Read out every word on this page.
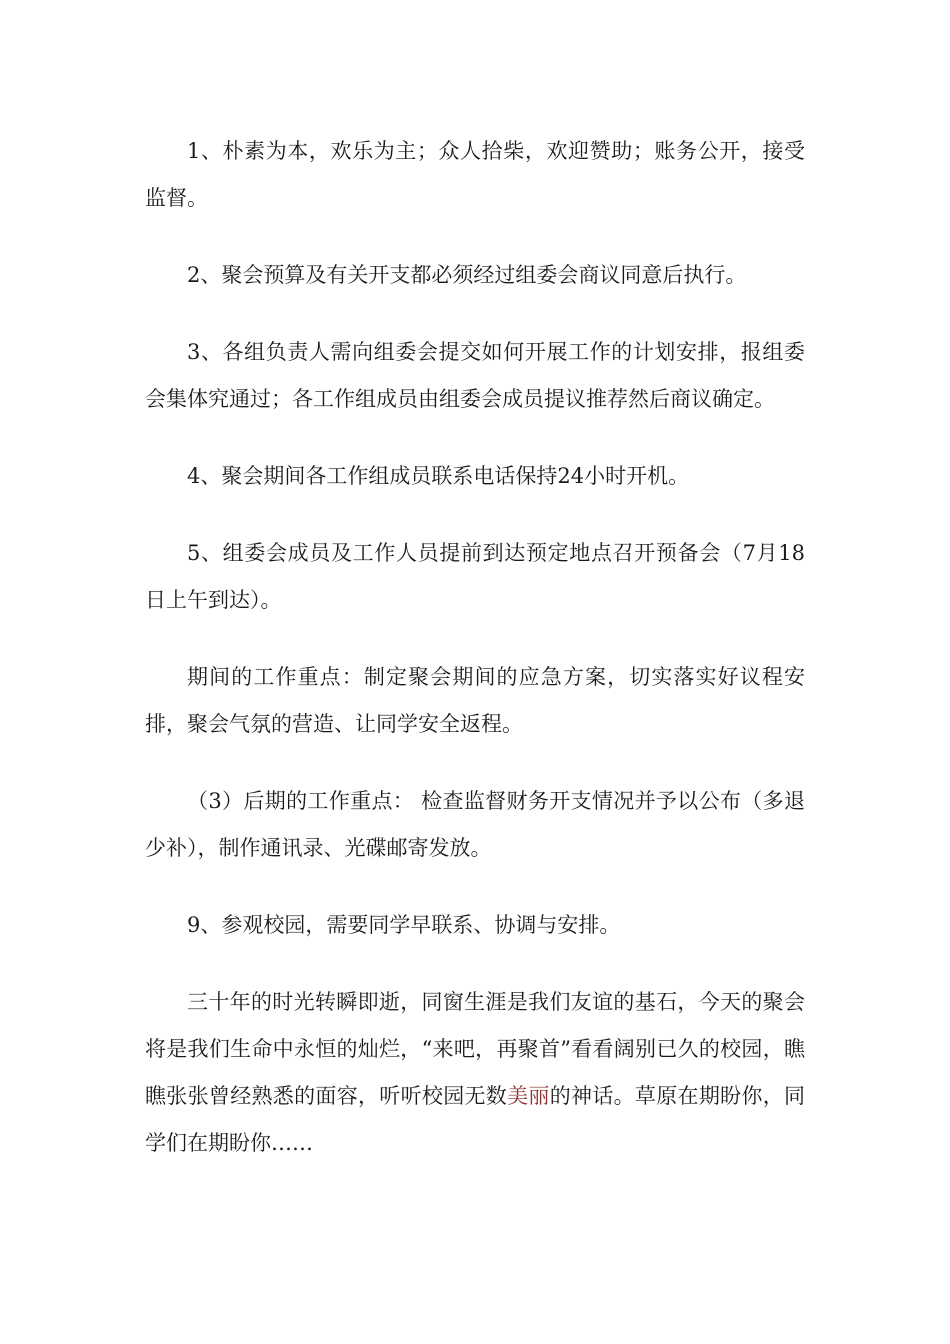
1、朴素为本，欢乐为主；众人拾柴，欢迎赞助；账务公开，接受监督。

2、聚会预算及有关开支都必须经过组委会商议同意后执行。

3、各组负责人需向组委会提交如何开展工作的计划安排，报组委会集体究通过；各工作组成员由组委会成员提议推荐然后商议确定。

4、聚会期间各工作组成员联系电话保持24小时开机。

5、组委会成员及工作人员提前到达预定地点召开预备会（7月18日上午到达）。

期间的工作重点：制定聚会期间的应急方案，切实落实好议程安排，聚会气氛的营造、让同学安全返程。

（3）后期的工作重点： 检查监督财务开支情况并予以公布（多退少补），制作通讯录、光碟邮寄发放。

9、参观校园，需要同学早联系、协调与安排。

三十年的时光转瞬即逝，同窗生涯是我们友谊的基石，今天的聚会将是我们生命中永恒的灿烂，“来吧，再聚首”看看阔别已久的校园，瞧瞧张张曾经熟悉的面容，听听校园无数美丽的神话。草原在期盼你，同学们在期盼你……
